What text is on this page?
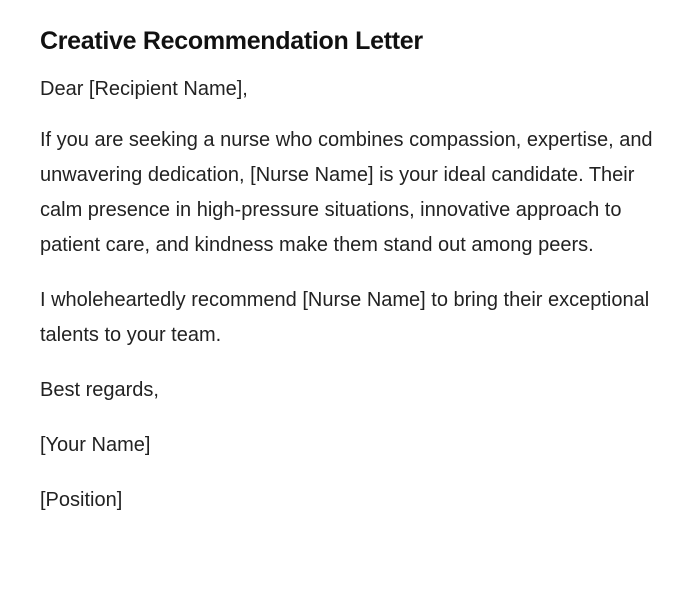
Creative Recommendation Letter

Dear [Recipient Name],

If you are seeking a nurse who combines compassion, expertise, and unwavering dedication, [Nurse Name] is your ideal candidate. Their calm presence in high-pressure situations, innovative approach to patient care, and kindness make them stand out among peers.

I wholeheartedly recommend [Nurse Name] to bring their exceptional talents to your team.

Best regards,

[Your Name]

[Position]
